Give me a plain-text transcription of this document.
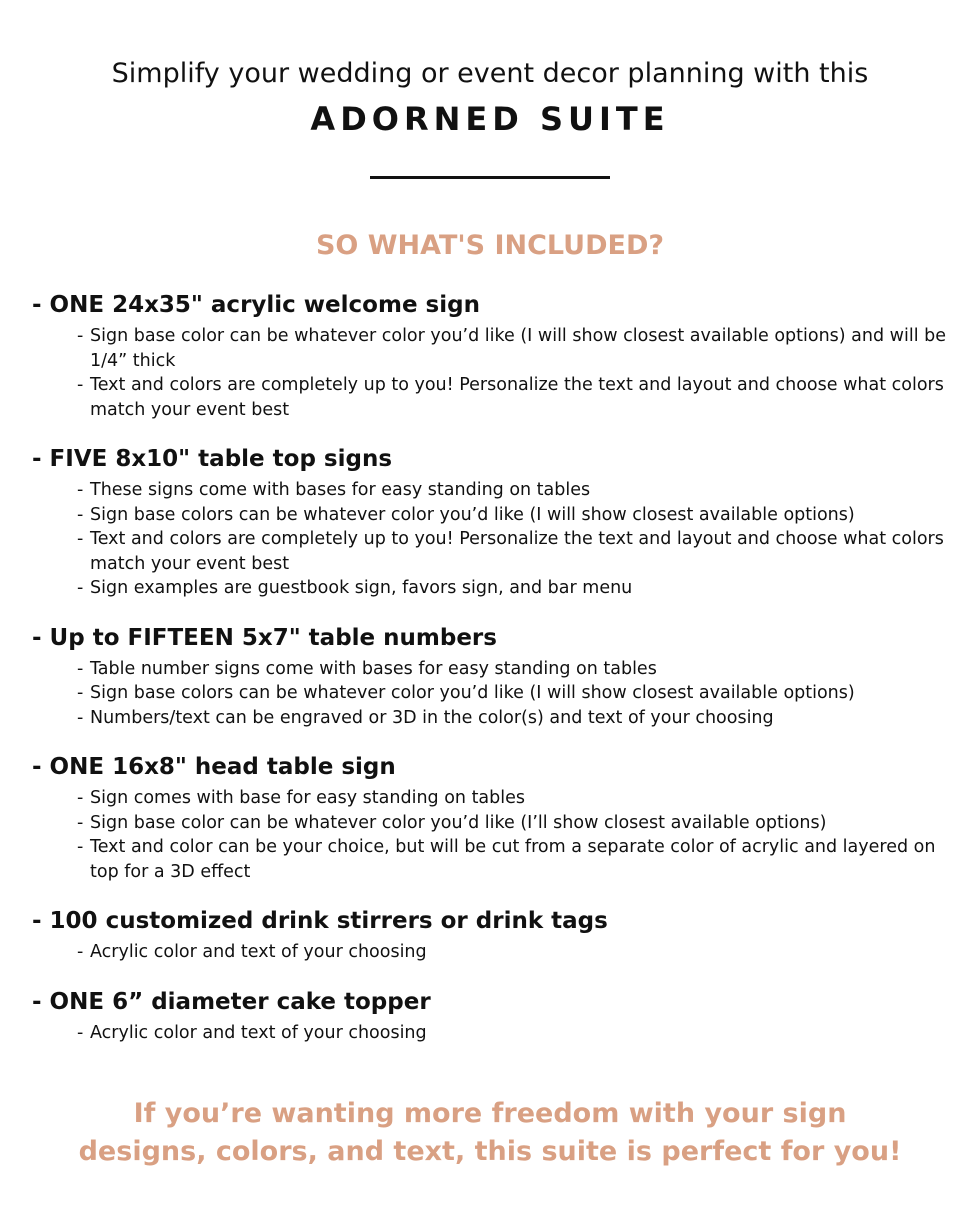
Simplify your wedding or event decor planning with this
ADORNED SUITE
SO WHAT'S INCLUDED?
- ONE 24x35" acrylic welcome sign
- Sign base color can be whatever color you’d like (I will show closest available options) and will be 1/4” thick
- Text and colors are completely up to you! Personalize the text and layout and choose what colors match your event best
- FIVE 8x10" table top signs
- These signs come with bases for easy standing on tables
- Sign base colors can be whatever color you’d like (I will show closest available options)
- Text and colors are completely up to you! Personalize the text and layout and choose what colors match your event best
- Sign examples are guestbook sign, favors sign, and bar menu
- Up to FIFTEEN 5x7" table numbers
- Table number signs come with bases for easy standing on tables
- Sign base colors can be whatever color you’d like (I will show closest available options)
- Numbers/text can be engraved or 3D in the color(s) and text of your choosing
- ONE 16x8" head table sign
- Sign comes with base for easy standing on tables
- Sign base color can be whatever color you’d like (I’ll show closest available options)
- Text and color can be your choice, but will be cut from a separate color of acrylic and layered on top for a 3D effect
- 100 customized drink stirrers or drink tags
- Acrylic color and text of your choosing
- ONE 6” diameter cake topper
- Acrylic color and text of your choosing
If you’re wanting more freedom with your sign
designs, colors, and text, this suite is perfect for you!
